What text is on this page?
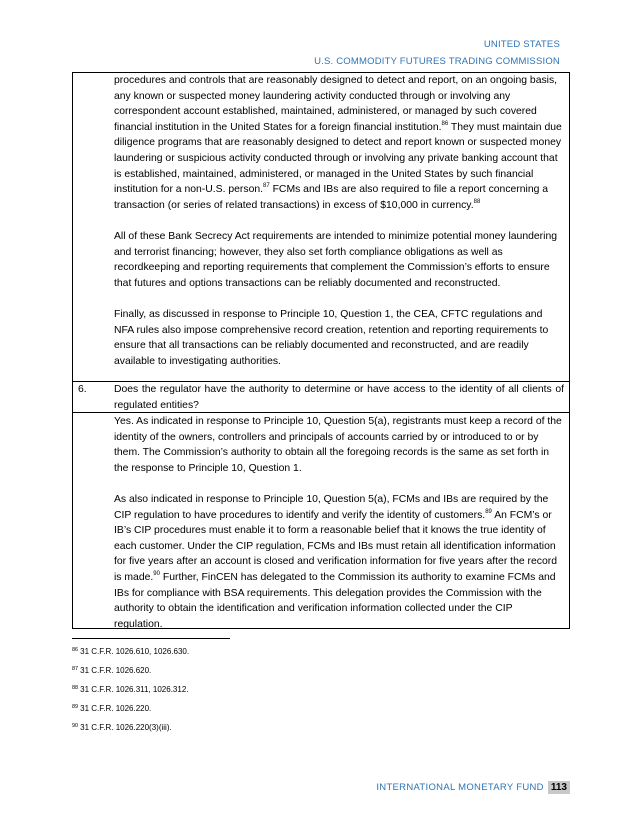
UNITED STATES
U.S. COMMODITY FUTURES TRADING COMMISSION

procedures and controls that are reasonably designed to detect and report, on an ongoing basis, any known or suspected money laundering activity conducted through or involving any correspondent account established, maintained, administered, or managed by such covered financial institution in the United States for a foreign financial institution.$^{86}$ They must maintain due diligence programs that are reasonably designed to detect and report known or suspected money laundering or suspicious activity conducted through or involving any private banking account that is established, maintained, administered, or managed in the United States by such financial institution for a non-U.S. person.$^{87}$ FCMs and IBs are also required to file a report concerning a transaction (or series of related transactions) in excess of $10,000 in currency.$^{88}$

All of these Bank Secrecy Act requirements are intended to minimize potential money laundering and terrorist financing; however, they also set forth compliance obligations as well as recordkeeping and reporting requirements that complement the Commission’s efforts to ensure that futures and options transactions can be reliably documented and reconstructed.

Finally, as discussed in response to Principle 10, Question 1, the CEA, CFTC regulations and NFA rules also impose comprehensive record creation, retention and reporting requirements to ensure that all transactions can be reliably documented and reconstructed, and are readily available to investigating authorities.

6.	Does the regulator have the authority to determine or have access to the identity of all clients of regulated entities?

Yes. As indicated in response to Principle 10, Question 5(a), registrants must keep a record of the identity of the owners, controllers and principals of accounts carried by or introduced to or by them. The Commission’s authority to obtain all the foregoing records is the same as set forth in the response to Principle 10, Question 1.

As also indicated in response to Principle 10, Question 5(a), FCMs and IBs are required by the CIP regulation to have procedures to identify and verify the identity of customers.$^{89}$ An FCM’s or IB’s CIP procedures must enable it to form a reasonable belief that it knows the true identity of each customer. Under the CIP regulation, FCMs and IBs must retain all identification information for five years after an account is closed and verification information for five years after the record is made.$^{90}$ Further, FinCEN has delegated to the Commission its authority to examine FCMs and IBs for compliance with BSA requirements. This delegation provides the Commission with the authority to obtain the identification and verification information collected under the CIP regulation.

$^{86}$ 31 C.F.R. 1026.610, 1026.630.
$^{87}$ 31 C.F.R. 1026.620.
$^{88}$ 31 C.F.R. 1026.311, 1026.312.
$^{89}$ 31 C.F.R. 1026.220.
$^{90}$ 31 C.F.R. 1026.220(3)(iii).
INTERNATIONAL MONETARY FUND 113
